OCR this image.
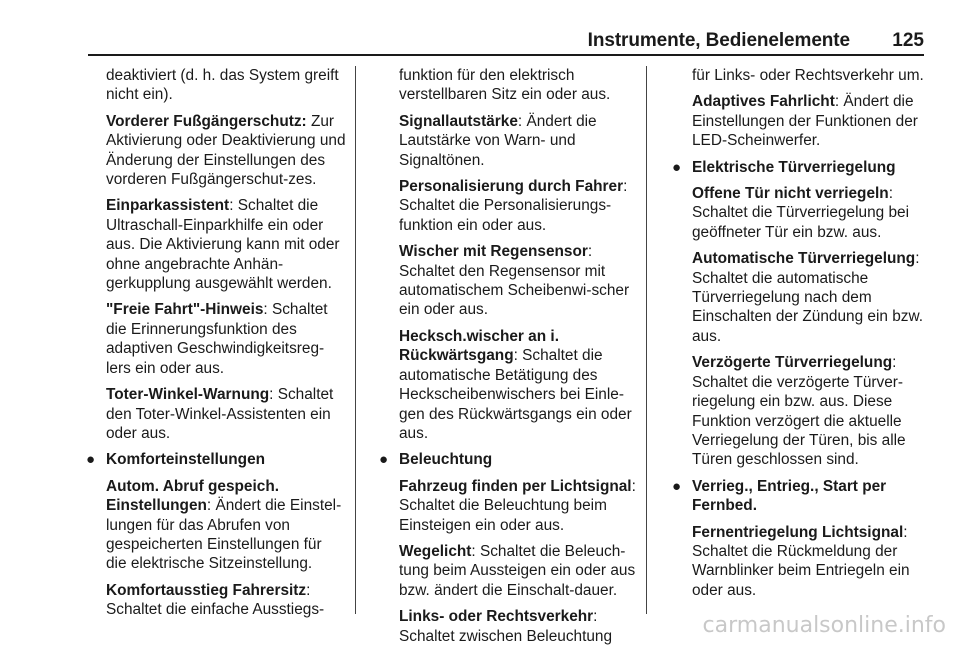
Instrumente, Bedienelemente 125

deaktiviert (d. h. das System greift nicht ein).

Vorderer Fußgängerschutz: Zur Aktivierung oder Deaktivierung und Änderung der Einstellungen des vorderen Fußgängerschut-zes.

Einparkassistent: Schaltet die Ultraschall-Einparkhilfe ein oder aus. Die Aktivierung kann mit oder ohne angebrachte Anhän-gerkupplung ausgewählt werden.

"Freie Fahrt"-Hinweis: Schaltet die Erinnerungsfunktion des adaptiven Geschwindigkeitsreg-lers ein oder aus.

Toter-Winkel-Warnung: Schaltet den Toter-Winkel-Assistenten ein oder aus.

● Komforteinstellungen

Autom. Abruf gespeich. Einstellungen: Ändert die Einstel-lungen für das Abrufen von gespeicherten Einstellungen für die elektrische Sitzeinstellung.

Komfortausstieg Fahrersitz: Schaltet die einfache Ausstiegs-

funktion für den elektrisch verstellbaren Sitz ein oder aus.

Signallautstärke: Ändert die Lautstärke von Warn- und Signaltönen.

Personalisierung durch Fahrer: Schaltet die Personalisierungs-funktion ein oder aus.

Wischer mit Regensensor: Schaltet den Regensensor mit automatischem Scheibenwi-scher ein oder aus.

Hecksch.wischer an i. Rückwärtsgang: Schaltet die automatische Betätigung des Heckscheibenwischers bei Einle-gen des Rückwärtsgangs ein oder aus.

● Beleuchtung

Fahrzeug finden per Lichtsignal: Schaltet die Beleuchtung beim Einsteigen ein oder aus.

Wegelicht: Schaltet die Beleuch-tung beim Aussteigen ein oder aus bzw. ändert die Einschalt-dauer.

Links- oder Rechtsverkehr: Schaltet zwischen Beleuchtung

für Links- oder Rechtsverkehr um.

Adaptives Fahrlicht: Ändert die Einstellungen der Funktionen der LED-Scheinwerfer.

● Elektrische Türverriegelung

Offene Tür nicht verriegeln: Schaltet die Türverriegelung bei geöffneter Tür ein bzw. aus.

Automatische Türverriegelung: Schaltet die automatische Türverriegelung nach dem Einschalten der Zündung ein bzw. aus.

Verzögerte Türverriegelung: Schaltet die verzögerte Türver-riegelung ein bzw. aus. Diese Funktion verzögert die aktuelle Verriegelung der Türen, bis alle Türen geschlossen sind.

● Verrieg., Entrieg., Start per Fernbed.

Fernentriegelung Lichtsignal: Schaltet die Rückmeldung der Warnblinker beim Entriegeln ein oder aus.

carmanualsonline.info
